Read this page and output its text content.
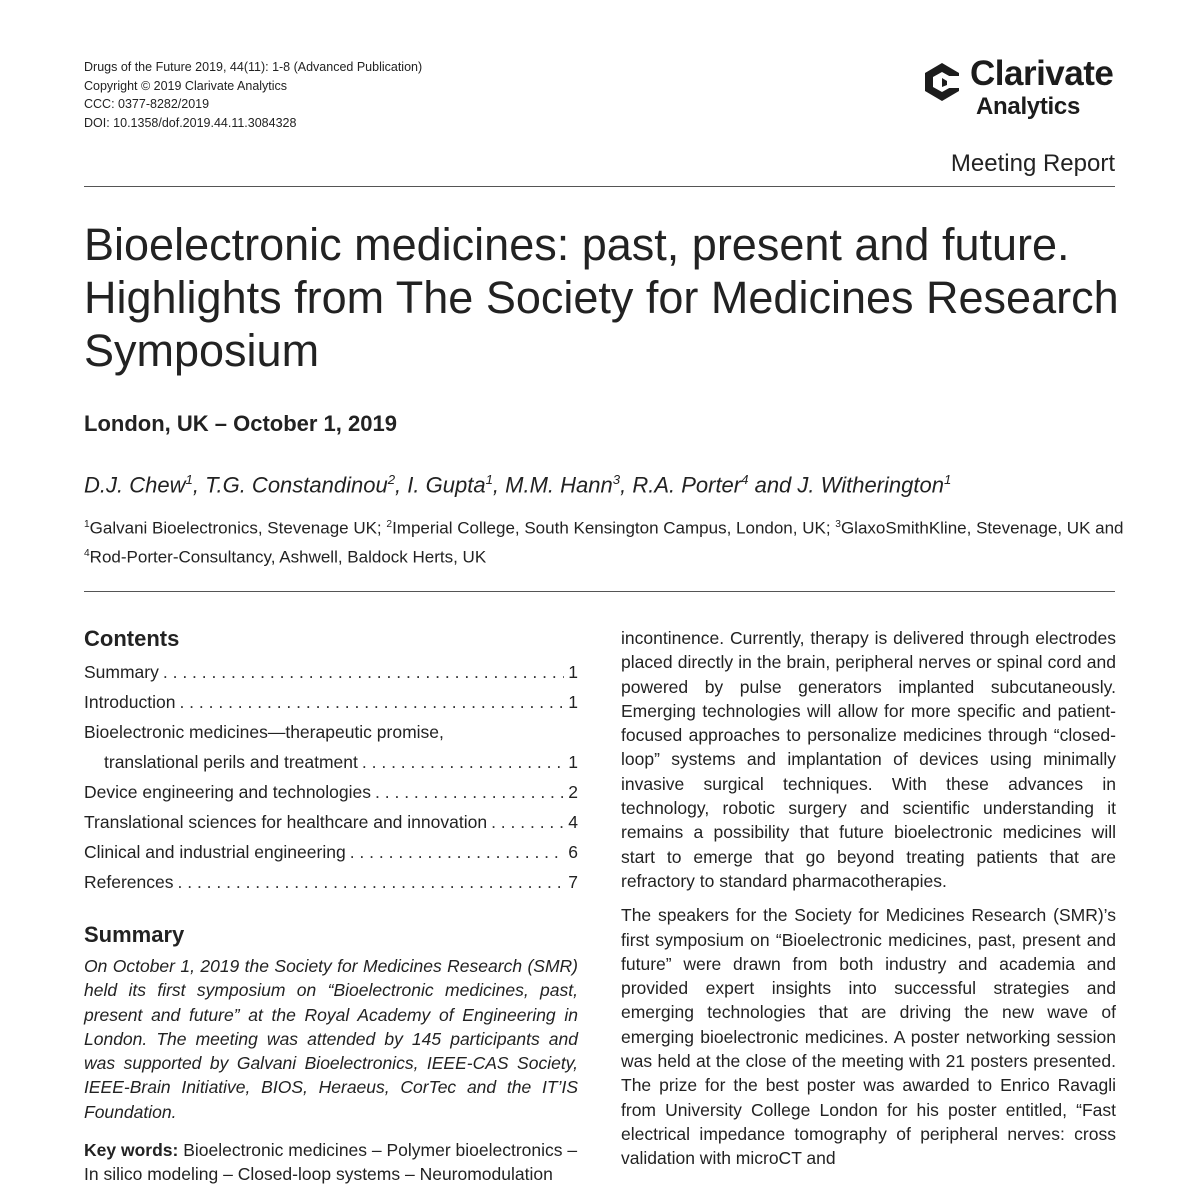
Drugs of the Future 2019, 44(11): 1-8 (Advanced Publication)
Copyright © 2019 Clarivate Analytics
CCC: 0377-8282/2019
DOI: 10.1358/dof.2019.44.11.3084328
Clarivate
Analytics
Meeting Report
Bioelectronic medicines: past, present and future. Highlights from The Society for Medicines Research Symposium
London, UK – October 1, 2019
D.J. Chew$^1$, T.G. Constandinou$^2$, I. Gupta$^1$, M.M. Hann$^3$, R.A. Porter$^4$ and J. Witherington$^1$
$^1$Galvani Bioelectronics, Stevenage UK; $^2$Imperial College, South Kensington Campus, London, UK; $^3$GlaxoSmithKline, Stevenage, UK and $^4$Rod-Porter-Consultancy, Ashwell, Baldock Herts, UK
Contents
Summary . . .	1
Introduction . . .	1
Bioelectronic medicines—therapeutic promise,
translational perils and treatment . . .	1
Device engineering and technologies . . .	2
Translational sciences for healthcare and innovation . . .	4
Clinical and industrial engineering . . .	6
References . . .	7
Summary
On October 1, 2019 the Society for Medicines Research (SMR) held its first symposium on “Bioelectronic medicines, past, present and future” at the Royal Academy of Engineering in London. The meeting was attended by 145 participants and was supported by Galvani Bioelectronics, IEEE-CAS Society, IEEE-Brain Initiative, BIOS, Heraeus, CorTec and the IT’IS Foundation.
Key words: Bioelectronic medicines – Polymer bioelectronics – In silico modeling – Closed-loop systems – Neuromodulation

incontinence. Currently, therapy is delivered through electrodes placed directly in the brain, peripheral nerves or spinal cord and powered by pulse generators implanted subcutaneously. Emerging technologies will allow for more specific and patient-focused approaches to personalize medicines through “closed-loop” systems and implantation of devices using minimally invasive surgical techniques. With these advances in technology, robotic surgery and scientific understanding it remains a possibility that future bioelectronic medicines will start to emerge that go beyond treating patients that are refractory to standard pharmacotherapies.

The speakers for the Society for Medicines Research (SMR)’s first symposium on “Bioelectronic medicines, past, present and future” were drawn from both industry and academia and provided expert insights into successful strategies and emerging technologies that are driving the new wave of emerging bioelectronic medicines. A poster networking session was held at the close of the meeting with 21 posters presented. The prize for the best poster was awarded to Enrico Ravagli from University College London for his poster entitled, “Fast electrical impedance tomography of peripheral nerves: cross validation with microCT and
